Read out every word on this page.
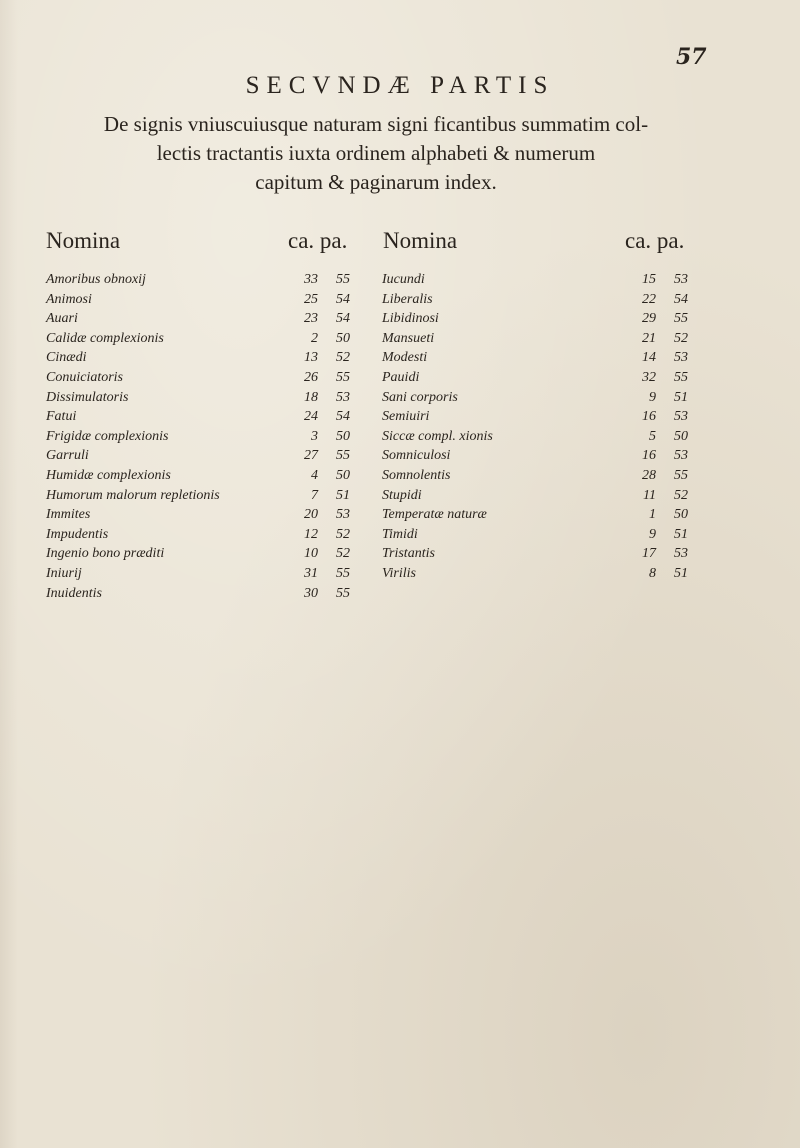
57
SECVNDÆ PARTIS
De signis vniuscuiusque naturam signi ficantibus summatim col-
lectis tractantis iuxta ordinem alphabeti & numerum
capitum & paginarum index.
Nomina	ca. pa. Nomina	ca. pa.
Amoribus obnoxij	33 55
Animosi	25 54
Auari	23 54
Calidæ complexionis	2 50
Cinædi	13 52
Conuiciatoris	26 55
Dissimulatoris	18 53
Fatui	24 54
Frigidæ complexionis	3 50
Garruli	27 55
Humidæ complexionis	4 50
Humorum malorum repletionis	7 51
Immites	20 53
Impudentis	12 52
Ingenio bono præditi	10 52
Iniurij	31 55
Inuidentis	30 55
Iucundi	15 53
Liberalis	22 54
Libidinosi	29 55
Mansueti	21 52
Modesti	14 53
Pauidi	32 55
Sani corporis	9 51
Semiuiri	16 53
Siccæ compl. xionis	5 50
Somniculosi	16 53
Somnolentis	28 55
Stupidi	11 52
Temperatæ naturæ	1 50
Timidi	9 51
Tristantis	17 53
Virilis	8 51
